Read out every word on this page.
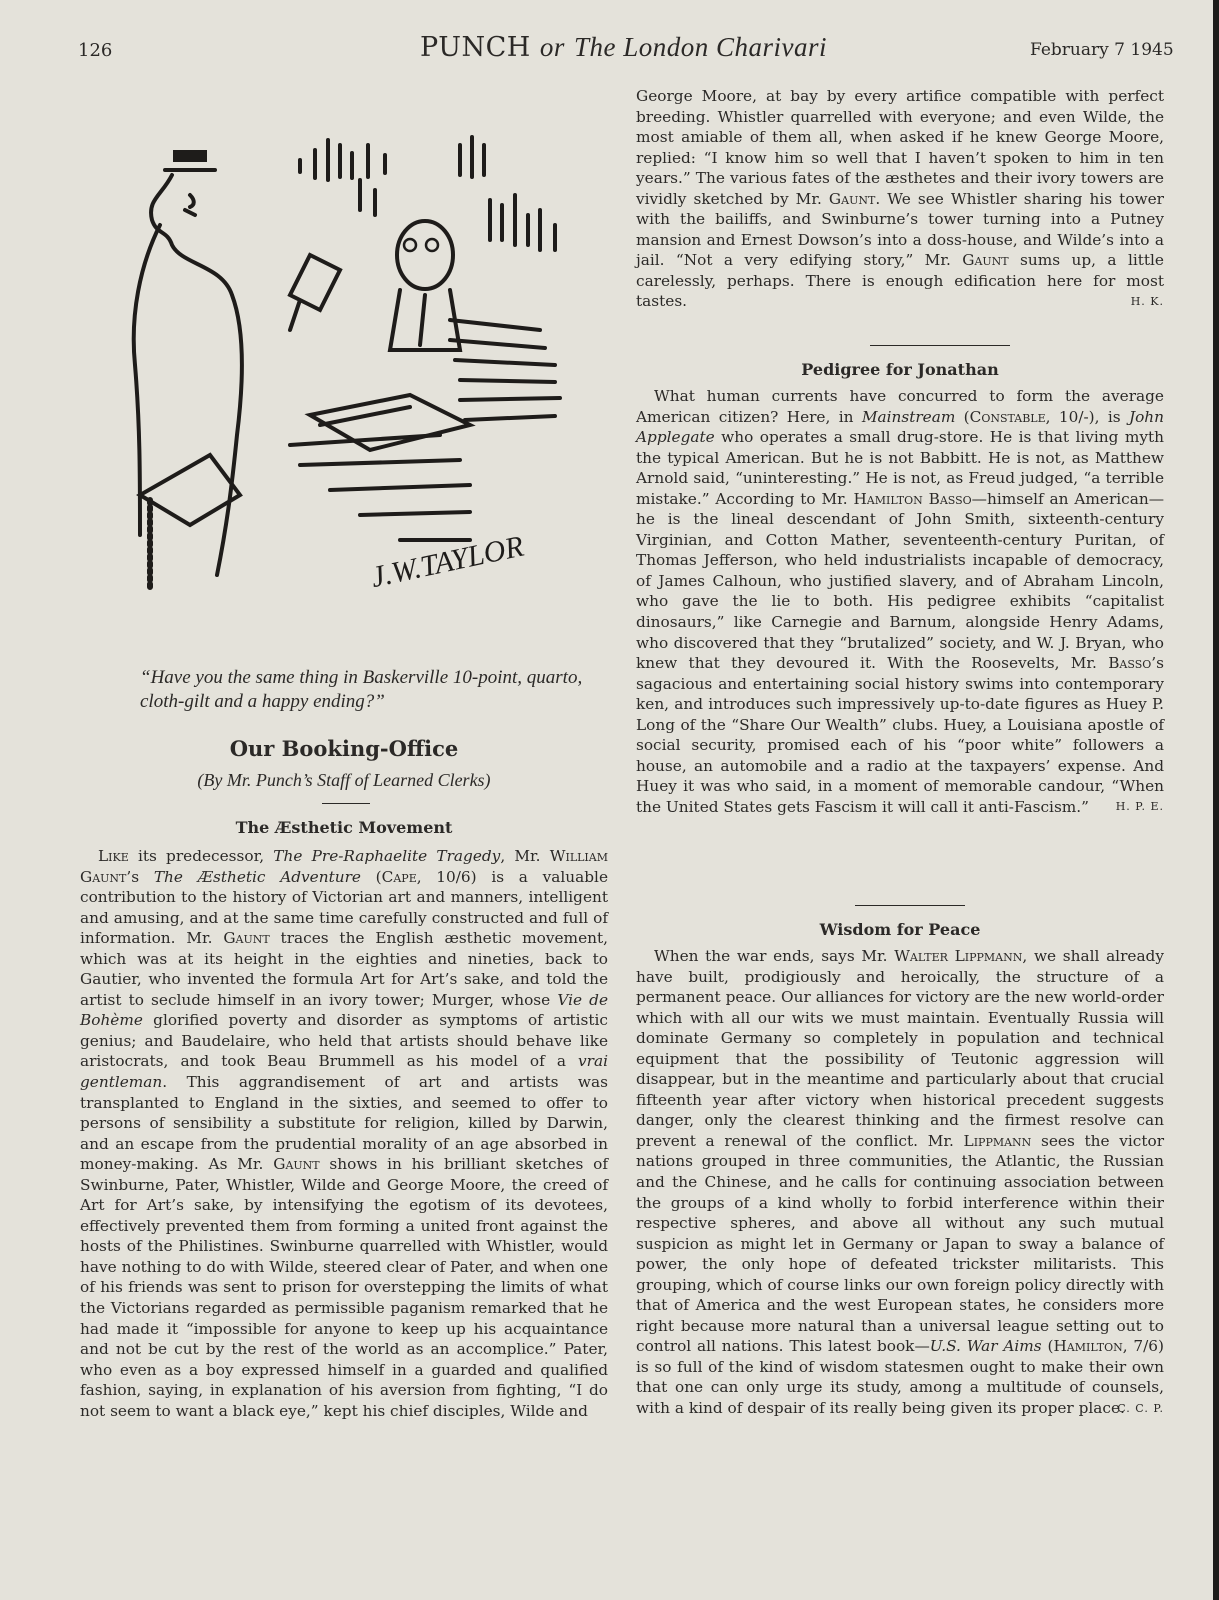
126	PUNCH or The London Charivari	February 7 1945
J.W.TAYLOR
“Have you the same thing in Baskerville 10-point, quarto, cloth-gilt and a happy ending?”
Our Booking-Office
(By Mr. Punch’s Staff of Learned Clerks)
The Æsthetic Movement

Like its predecessor, The Pre-Raphaelite Tragedy, Mr. William Gaunt’s The Æsthetic Adventure (Cape, 10/6) is a valuable contribution to the history of Victorian art and manners, intelligent and amusing, and at the same time carefully constructed and full of information. Mr. Gaunt traces the English æsthetic movement, which was at its height in the eighties and nineties, back to Gautier, who invented the formula Art for Art’s sake, and told the artist to seclude himself in an ivory tower; Murger, whose Vie de Bohème glorified poverty and disorder as symptoms of artistic genius; and Baudelaire, who held that artists should behave like aristocrats, and took Beau Brummell as his model of a vrai gentleman. This aggrandisement of art and artists was transplanted to England in the sixties, and seemed to offer to persons of sensibility a substitute for religion, killed by Darwin, and an escape from the prudential morality of an age absorbed in money-making. As Mr. Gaunt shows in his brilliant sketches of Swinburne, Pater, Whistler, Wilde and George Moore, the creed of Art for Art’s sake, by intensifying the egotism of its devotees, effectively prevented them from forming a united front against the hosts of the Philistines. Swinburne quarrelled with Whistler, would have nothing to do with Wilde, steered clear of Pater, and when one of his friends was sent to prison for overstepping the limits of what the Victorians regarded as permissible paganism remarked that he had made it “impossible for anyone to keep up his acquaintance and not be cut by the rest of the world as an accomplice.” Pater, who even as a boy expressed himself in a guarded and qualified fashion, saying, in explanation of his aversion from fighting, “I do not seem to want a black eye,” kept his chief disciples, Wilde and

George Moore, at bay by every artifice compatible with perfect breeding. Whistler quarrelled with everyone; and even Wilde, the most amiable of them all, when asked if he knew George Moore, replied: “I know him so well that I haven’t spoken to him in ten years.” The various fates of the æsthetes and their ivory towers are vividly sketched by Mr. Gaunt. We see Whistler sharing his tower with the bailiffs, and Swinburne’s tower turning into a Putney mansion and Ernest Dowson’s into a doss-house, and Wilde’s into a jail. “Not a very edifying story,” Mr. Gaunt sums up, a little carelessly, perhaps. There is enough edification here for most tastes.	H. K.
Pedigree for Jonathan

What human currents have concurred to form the average American citizen? Here, in Mainstream (Constable, 10/-), is John Applegate who operates a small drug-store. He is that living myth the typical American. But he is not Babbitt. He is not, as Matthew Arnold said, “uninteresting.” He is not, as Freud judged, “a terrible mistake.” According to Mr. Hamilton Basso—himself an American—he is the lineal descendant of John Smith, sixteenth-century Virginian, and Cotton Mather, seventeenth-century Puritan, of Thomas Jefferson, who held industrialists incapable of democracy, of James Calhoun, who justified slavery, and of Abraham Lincoln, who gave the lie to both. His pedigree exhibits “capitalist dinosaurs,” like Carnegie and Barnum, alongside Henry Adams, who discovered that they “brutalized” society, and W. J. Bryan, who knew that they devoured it. With the Roosevelts, Mr. Basso’s sagacious and entertaining social history swims into contemporary ken, and introduces such impressively up-to-date figures as Huey P. Long of the “Share Our Wealth” clubs. Huey, a Louisiana apostle of social security, promised each of his “poor white” followers a house, an automobile and a radio at the taxpayers’ expense. And Huey it was who said, in a moment of memorable candour, “When the United States gets Fascism it will call it anti-Fascism.”	H. P. E.
Wisdom for Peace

When the war ends, says Mr. Walter Lippmann, we shall already have built, prodigiously and heroically, the structure of a permanent peace. Our alliances for victory are the new world-order which with all our wits we must maintain. Eventually Russia will dominate Germany so completely in population and technical equipment that the possibility of Teutonic aggression will disappear, but in the meantime and particularly about that crucial fifteenth year after victory when historical precedent suggests danger, only the clearest thinking and the firmest resolve can prevent a renewal of the conflict. Mr. Lippmann sees the victor nations grouped in three communities, the Atlantic, the Russian and the Chinese, and he calls for continuing association between the groups of a kind wholly to forbid interference within their respective spheres, and above all without any such mutual suspicion as might let in Germany or Japan to sway a balance of power, the only hope of defeated trickster militarists. This grouping, which of course links our own foreign policy directly with that of America and the west European states, he considers more right because more natural than a universal league setting out to control all nations. This latest book—U.S. War Aims (Hamilton, 7/6) is so full of the kind of wisdom statesmen ought to make their own that one can only urge its study, among a multitude of counsels, with a kind of despair of its really being given its proper place.

C. C. P.
